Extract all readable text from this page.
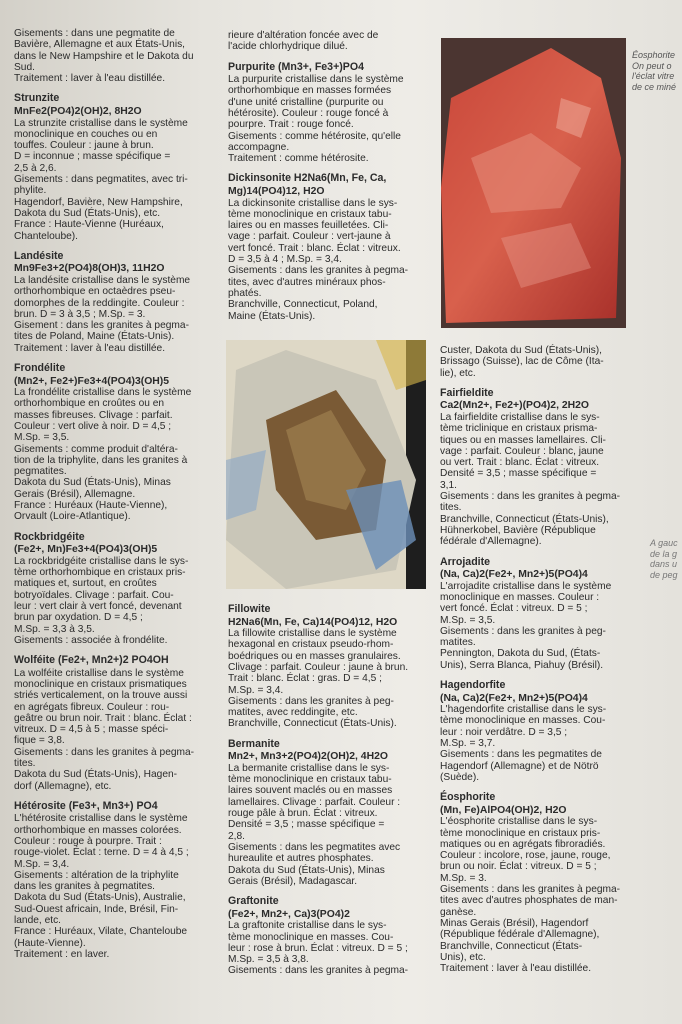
Gisements : dans une pegmatite de
Bavière, Allemagne et aux États-Unis,
dans le New Hampshire et le Dakota du
Sud.
Traitement : laver à l'eau distillée.
Strunzite
MnFe2(PO4)2(OH)2, 8H2O
La strunzite cristallise dans le système
monoclinique en couches ou en
touffes. Couleur : jaune à brun.
D = inconnue ; masse spécifique =
2,5 à 2,6.
Gisements : dans pegmatites, avec tri-
phylite.
Hagendorf, Bavière, New Hampshire,
Dakota du Sud (États-Unis), etc.
France : Haute-Vienne (Huréaux,
Chanteloube).
Landésite
Mn9Fe3+2(PO4)8(OH)3, 11H2O
La landésite cristallise dans le système
orthorhombique en octaèdres pseu-
domorphes de la reddingite. Couleur :
brun. D = 3 à 3,5 ; M.Sp. = 3.
Gisement : dans les granites à pegma-
tites de Poland, Maine (États-Unis).
Traitement : laver à l'eau distillée.
Frondélite
(Mn2+, Fe2+)Fe3+4(PO4)3(OH)5
La frondélite cristallise dans le système
orthorhombique en croûtes ou en
masses fibreuses. Clivage : parfait.
Couleur : vert olive à noir. D = 4,5 ;
M.Sp. = 3,5.
Gisements : comme produit d'altéra-
tion de la triphylite, dans les granites à
pegmatites.
Dakota du Sud (États-Unis), Minas
Gerais (Brésil), Allemagne.
France : Huréaux (Haute-Vienne),
Orvault (Loire-Atlantique).
Rockbridgéite
(Fe2+, Mn)Fe3+4(PO4)3(OH)5
La rockbridgéite cristallise dans le sys-
tème orthorhombique en cristaux pris-
matiques et, surtout, en croûtes
botryoïdales. Clivage : parfait. Cou-
leur : vert clair à vert foncé, devenant
brun par oxydation. D = 4,5 ;
M.Sp. = 3,3 à 3,5.
Gisements : associée à frondélite.
Wolféite (Fe2+, Mn2+)2 PO4OH
La wolféite cristallise dans le système
monoclinique en cristaux prismatiques
striés verticalement, on la trouve aussi
en agrégats fibreux. Couleur : rou-
geâtre ou brun noir. Trait : blanc. Éclat :
vitreux. D = 4,5 à 5 ; masse spéci-
fique = 3,8.
Gisements : dans les granites à pegma-
tites.
Dakota du Sud (États-Unis), Hagen-
dorf (Allemagne), etc.
Hétérosite (Fe3+, Mn3+) PO4
L'hétérosite cristallise dans le système
orthorhombique en masses colorées.
Couleur : rouge à pourpre. Trait :
rouge-violet. Éclat : terne. D = 4 à 4,5 ;
M.Sp. = 3,4.
Gisements : altération de la triphylite
dans les granites à pegmatites.
Dakota du Sud (États-Unis), Australie,
Sud-Ouest africain, Inde, Brésil, Fin-
lande, etc.
France : Huréaux, Vilate, Chanteloube
(Haute-Vienne).
Traitement : en laver.
rieure d'altération foncée avec de
l'acide chlorhydrique dilué.
Purpurite (Mn3+, Fe3+)PO4
La purpurite cristallise dans le système
orthorhombique en masses formées
d'une unité cristalline (purpurite ou
hétérosite). Couleur : rouge foncé à
pourpre. Trait : rouge foncé.
Gisements : comme hétérosite, qu'elle
accompagne.
Traitement : comme hétérosite.
Dickinsonite H2Na6(Mn, Fe, Ca,
Mg)14(PO4)12, H2O
La dickinsonite cristallise dans le sys-
tème monoclinique en cristaux tabu-
laires ou en masses feuilletées. Cli-
vage : parfait. Couleur : vert-jaune à
vert foncé. Trait : blanc. Éclat : vitreux.
D = 3,5 à 4 ; M.Sp. = 3,4.
Gisements : dans les granites à pegma-
tites, avec d'autres minéraux phos-
phatés.
Branchville, Connecticut, Poland,
Maine (États-Unis).
Fillowite
H2Na6(Mn, Fe, Ca)14(PO4)12, H2O
La fillowite cristallise dans le système
hexagonal en cristaux pseudo-rhom-
boédriques ou en masses granulaires.
Clivage : parfait. Couleur : jaune à brun.
Trait : blanc. Éclat : gras. D = 4,5 ;
M.Sp. = 3,4.
Gisements : dans les granites à peg-
matites, avec reddingite, etc.
Branchville, Connecticut (États-Unis).
Bermanite
Mn2+, Mn3+2(PO4)2(OH)2, 4H2O
La bermanite cristallise dans le sys-
tème monoclinique en cristaux tabu-
laires souvent maclés ou en masses
lamellaires. Clivage : parfait. Couleur :
rouge pâle à brun. Éclat : vitreux.
Densité = 3,5 ; masse spécifique =
2,8.
Gisements : dans les pegmatites avec
hureaulite et autres phosphates.
Dakota du Sud (États-Unis), Minas
Gerais (Brésil), Madagascar.
Graftonite
(Fe2+, Mn2+, Ca)3(PO4)2
La graftonite cristallise dans le sys-
tème monoclinique en masses. Cou-
leur : rose à brun. Éclat : vitreux. D = 5 ;
M.Sp. = 3,5 à 3,8.
Gisements : dans les granites à pegma-
Custer, Dakota du Sud (États-Unis),
Brissago (Suisse), lac de Côme (Ita-
lie), etc.
Fairfieldite
Ca2(Mn2+, Fe2+)(PO4)2, 2H2O
La fairfieldite cristallise dans le sys-
tème triclinique en cristaux prisma-
tiques ou en masses lamellaires. Cli-
vage : parfait. Couleur : blanc, jaune
ou vert. Trait : blanc. Éclat : vitreux.
Densité = 3,5 ; masse spécifique =
3,1.
Gisements : dans les granites à pegma-
tites.
Branchville, Connecticut (États-Unis),
Hühnerkobel, Bavière (République
fédérale d'Allemagne).
Arrojadite
(Na, Ca)2(Fe2+, Mn2+)5(PO4)4
L'arrojadite cristallise dans le système
monoclinique en masses. Couleur :
vert foncé. Éclat : vitreux. D = 5 ;
M.Sp. = 3,5.
Gisements : dans les granites à peg-
matites.
Pennington, Dakota du Sud, (États-
Unis), Serra Blanca, Piahuy (Brésil).
Hagendorfite
(Na, Ca)2(Fe2+, Mn2+)5(PO4)4
L'hagendorfite cristallise dans le sys-
tème monoclinique en masses. Cou-
leur : noir verdâtre. D = 3,5 ;
M.Sp. = 3,7.
Gisements : dans les pegmatites de
Hagendorf (Allemagne) et de Nötrö
(Suède).
Éosphorite
(Mn, Fe)AlPO4(OH)2, H2O
L'éosphorite cristallise dans le sys-
tème monoclinique en cristaux pris-
matiques ou en agrégats fibroradiés.
Couleur : incolore, rose, jaune, rouge,
brun ou noir. Éclat : vitreux. D = 5 ;
M.Sp. = 3.
Gisements : dans les granites à pegma-
tites avec d'autres phosphates de man-
ganèse.
Minas Gerais (Brésil), Hagendorf
(République fédérale d'Allemagne),
Branchville, Connecticut (États-
Unis), etc.
Traitement : laver à l'eau distillée.
Éosphorite
On peut o
l'éclat vitre
de ce miné
A gauc
de la g
dans u
de peg
